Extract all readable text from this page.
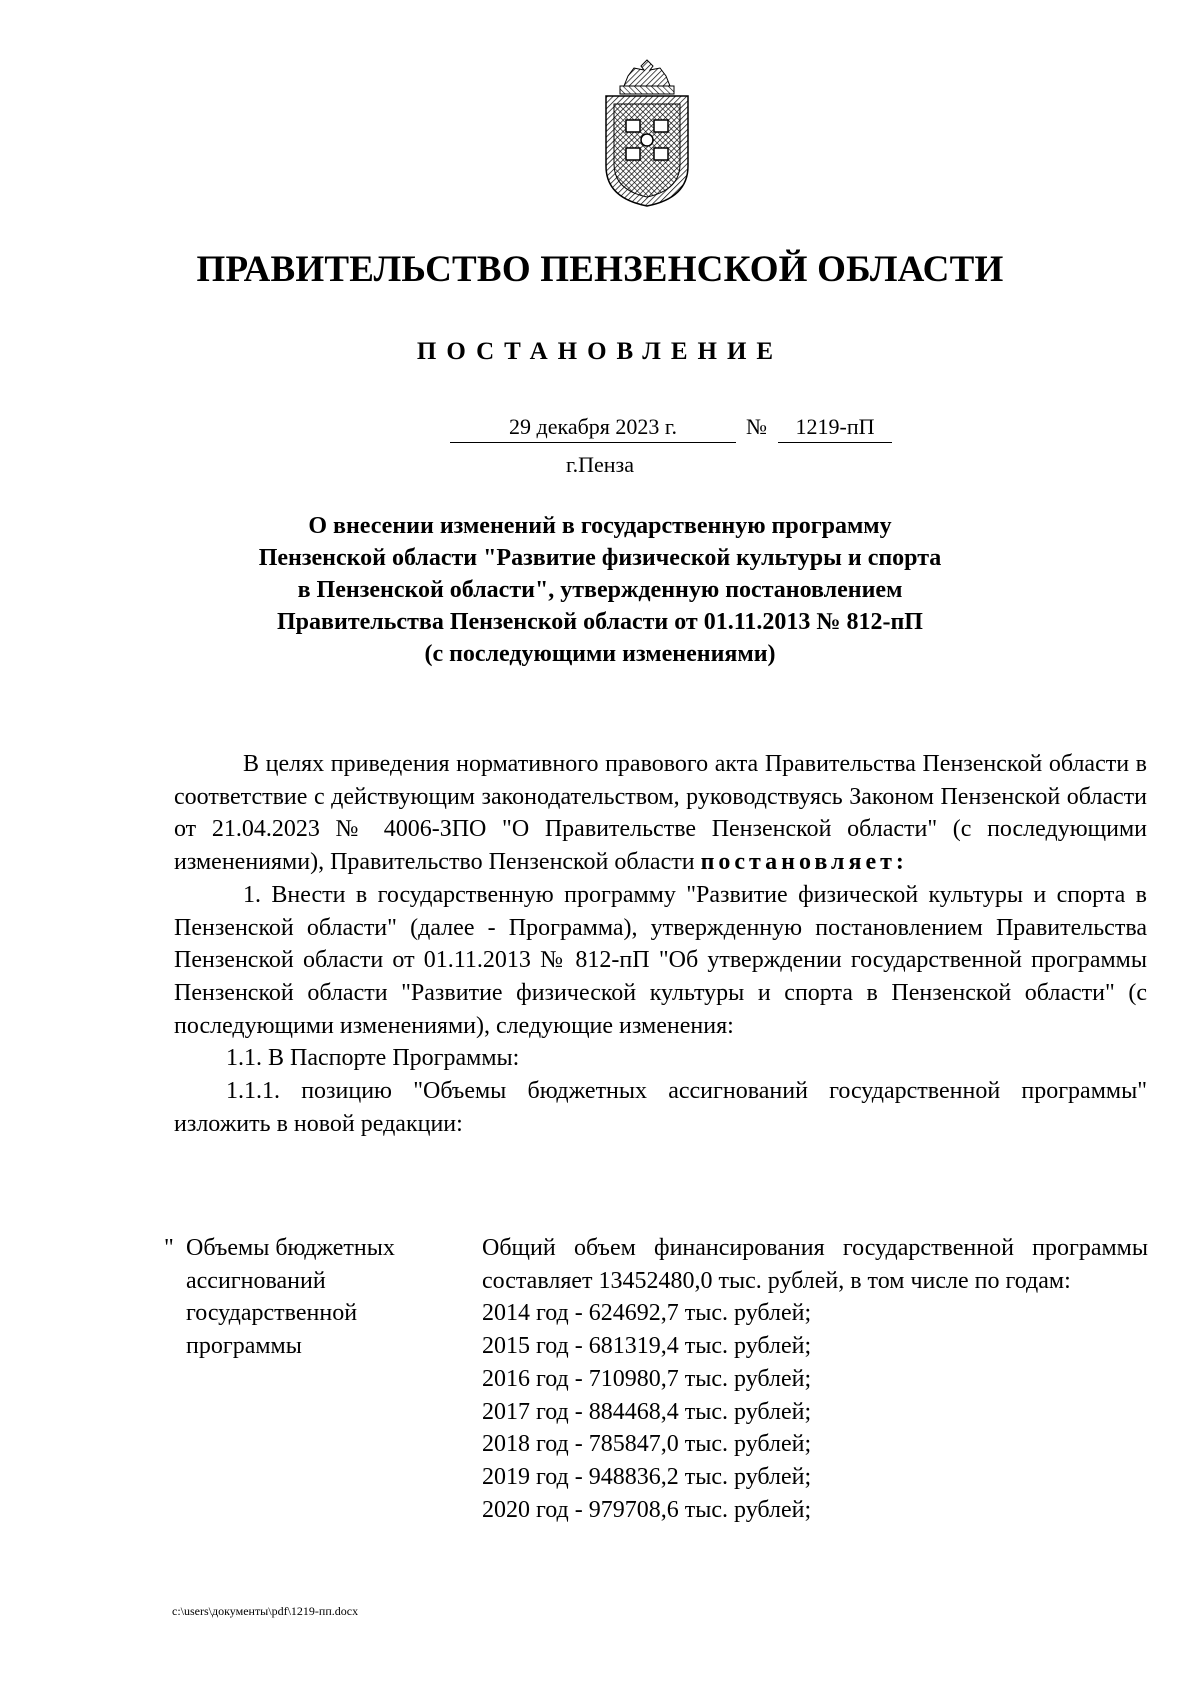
ПРАВИТЕЛЬСТВО ПЕНЗЕНСКОЙ ОБЛАСТИ
ПОСТАНОВЛЕНИЕ
29 декабря 2023 г.	№	1219-пП
г.Пенза
О внесении изменений в государственную программу
Пензенской области "Развитие физической культуры и спорта
в Пензенской области", утвержденную постановлением
Правительства Пензенской области от 01.11.2013 № 812-пП
(с последующими изменениями)

В целях приведения нормативного правового акта Правительства Пензенской области в соответствие с действующим законодательством, руководствуясь Законом Пензенской области от 21.04.2023 № 4006-ЗПО "О Правительстве Пензенской области" (с последующими изменениями), Правительство Пензенской области постановляет:

1. Внести в государственную программу "Развитие физической культуры и спорта в Пензенской области" (далее - Программа), утвержденную постановлением Правительства Пензенской области от 01.11.2013 № 812-пП "Об утверждении государственной программы Пензенской области "Развитие физической культуры и спорта в Пензенской области" (с последующими изменениями), следующие изменения:

1.1. В Паспорте Программы:

1.1.1. позицию "Объемы бюджетных ассигнований государственной программы" изложить в новой редакции:

" Объемы бюджетных
ассигнований
государственной
программы

Общий объем финансирования государственной программы составляет 13452480,0 тыс. рублей, в том числе по годам:

2014 год - 624692,7 тыс. рублей;
2015 год - 681319,4 тыс. рублей;
2016 год - 710980,7 тыс. рублей;
2017 год - 884468,4 тыс. рублей;
2018 год - 785847,0 тыс. рублей;
2019 год - 948836,2 тыс. рублей;
2020 год - 979708,6 тыс. рублей;
c:\users\документы\pdf\1219-пп.docx
